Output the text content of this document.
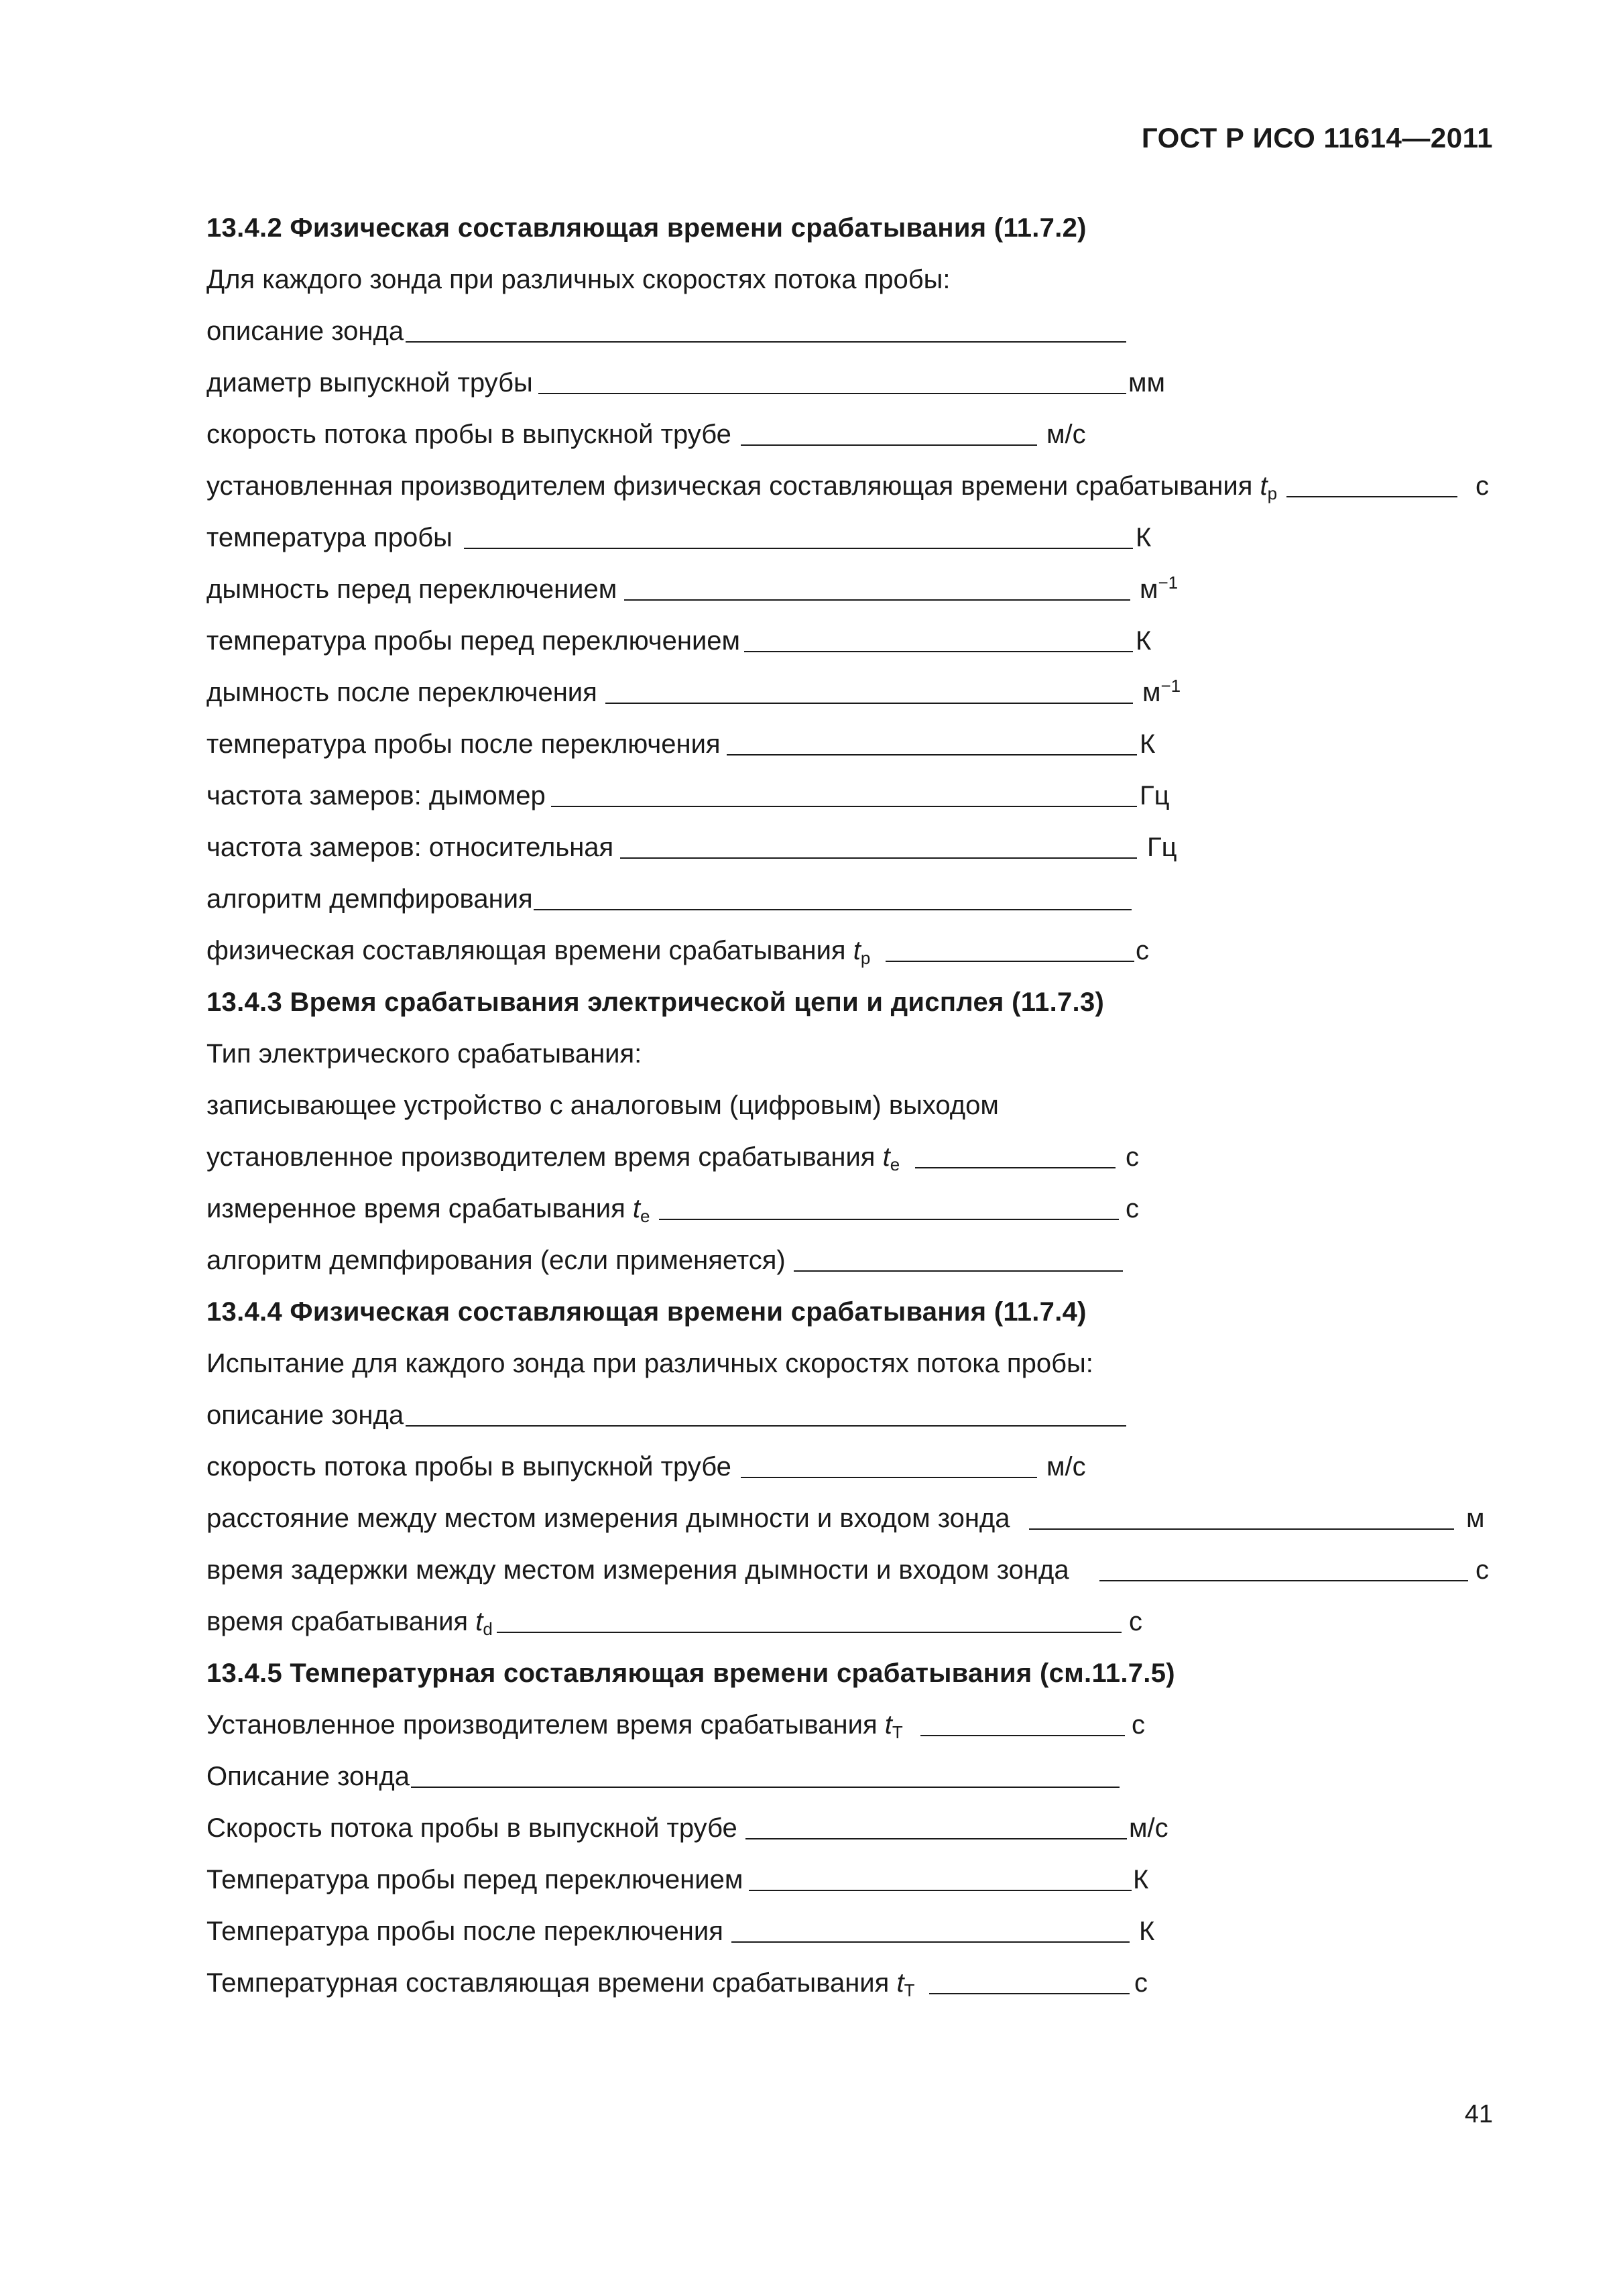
ГОСТ Р ИСО 11614—2011
13.4.2 Физическая составляющая времени срабатывания (11.7.2)
Для каждого зонда при различных скоростях потока пробы:
описание зонда
диаметр выпускной трубы	мм
скорость потока пробы в выпускной трубе	м/с
установленная производителем физическая составляющая времени срабатывания $t_p$	с
температура пробы	К
дымность перед переключением	$м^{-1}$
температура пробы перед переключением	К
дымность после переключения	$м^{-1}$
температура пробы после переключения	К
частота замеров: дымомер	Гц
частота замеров: относительная	Гц
алгоритм демпфирования
физическая составляющая времени срабатывания $t_p$	с
13.4.3 Время срабатывания электрической цепи и дисплея (11.7.3)
Тип электрического срабатывания:
записывающее устройство с аналоговым (цифровым) выходом
установленное производителем время срабатывания $t_e$	с
измеренное время срабатывания $t_e$	с
алгоритм демпфирования (если применяется)
13.4.4 Физическая составляющая времени срабатывания (11.7.4)
Испытание для каждого зонда при различных скоростях потока пробы:
описание зонда
скорость потока пробы в выпускной трубе	м/с
расстояние между местом измерения дымности и входом зонда	м
время задержки между местом измерения дымности и входом зонда	с
время срабатывания $t_d$	с
13.4.5 Температурная составляющая времени срабатывания (см.11.7.5)
Установленное производителем время срабатывания $t_T$	с
Описание зонда
Скорость потока пробы в выпускной трубе	м/с
Температура пробы перед переключением	К
Температура пробы после переключения	К
Температурная составляющая времени срабатывания $t_T$	с
41
